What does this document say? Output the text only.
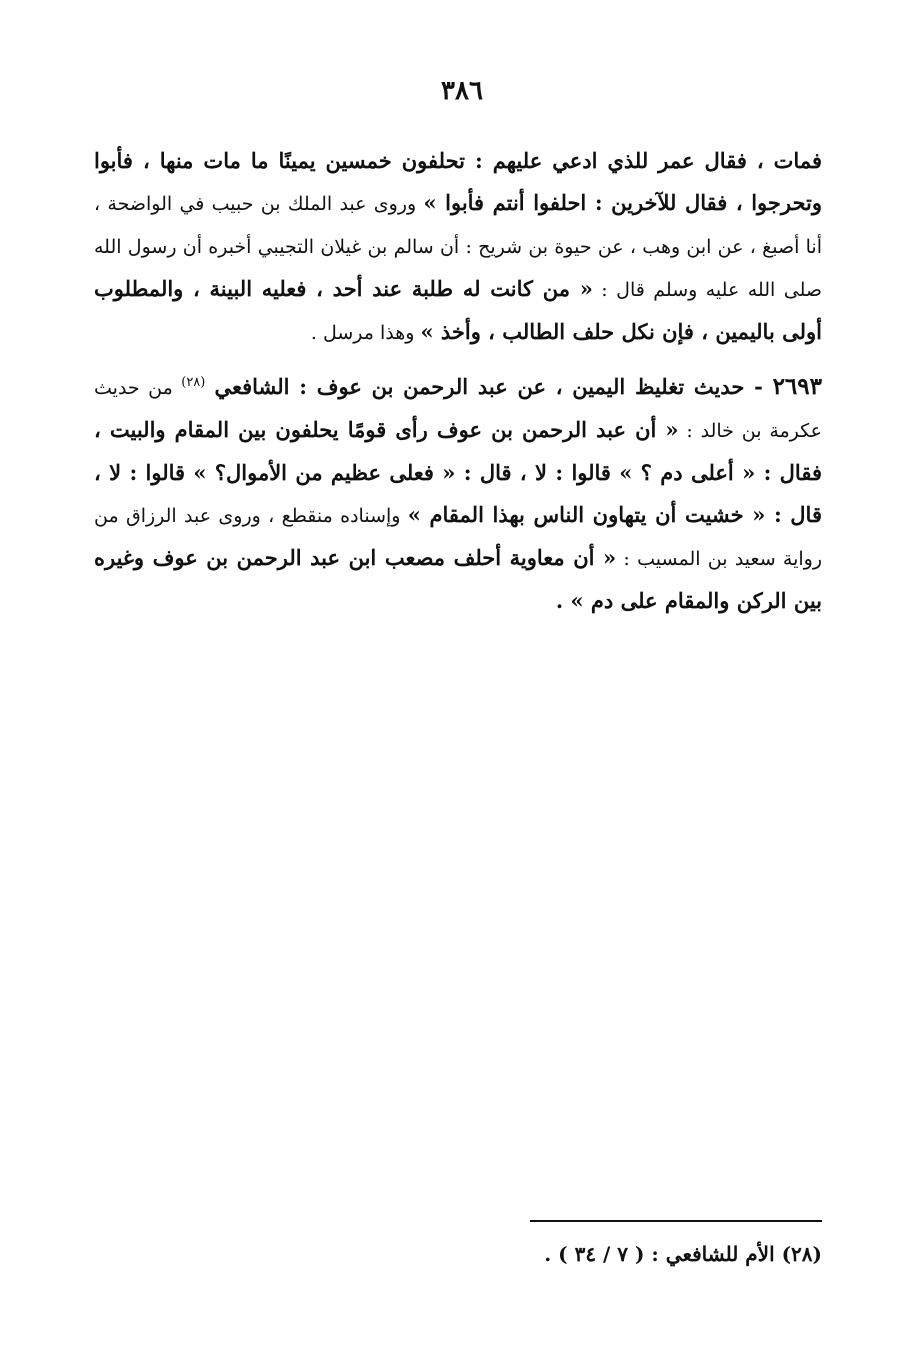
٣٨٦

فمات ، فقال عمر للذي ادعي عليهم : تحلفون خمسين يمينًا ما مات منها ، فأبوا وتحرجوا ، فقال للآخرين : احلفوا أنتم فأبوا » وروى عبد الملك بن حبيب في الواضحة ، أنا أصبغ ، عن ابن وهب ، عن حيوة بن شريح : أن سالم بن غيلان التجيبي أخبره أن رسول الله صلى الله عليه وسلم قال : « من كانت له طلبة عند أحد ، فعليه البينة ، والمطلوب أولى باليمين ، فإن نكل حلف الطالب ، وأخذ » وهذا مرسل .

٢٦٩٣ - حديث تغليظ اليمين ، عن عبد الرحمن بن عوف : الشافعي $^{(٢٨)}$ من حديث عكرمة بن خالد : « أن عبد الرحمن بن عوف رأى قومًا يحلفون بين المقام والبيت ، فقال : « أعلى دم ؟ » قالوا : لا ، قال : « فعلى عظيم من الأموال؟ » قالوا : لا ، قال : « خشيت أن يتهاون الناس بهذا المقام » وإسناده منقطع ، وروى عبد الرزاق من رواية سعيد بن المسيب : « أن معاوية أحلف مصعب ابن عبد الرحمن بن عوف وغيره بين الركن والمقام على دم » .

(٢٨) الأم للشافعي : ( ٧ / ٣٤ ) .
